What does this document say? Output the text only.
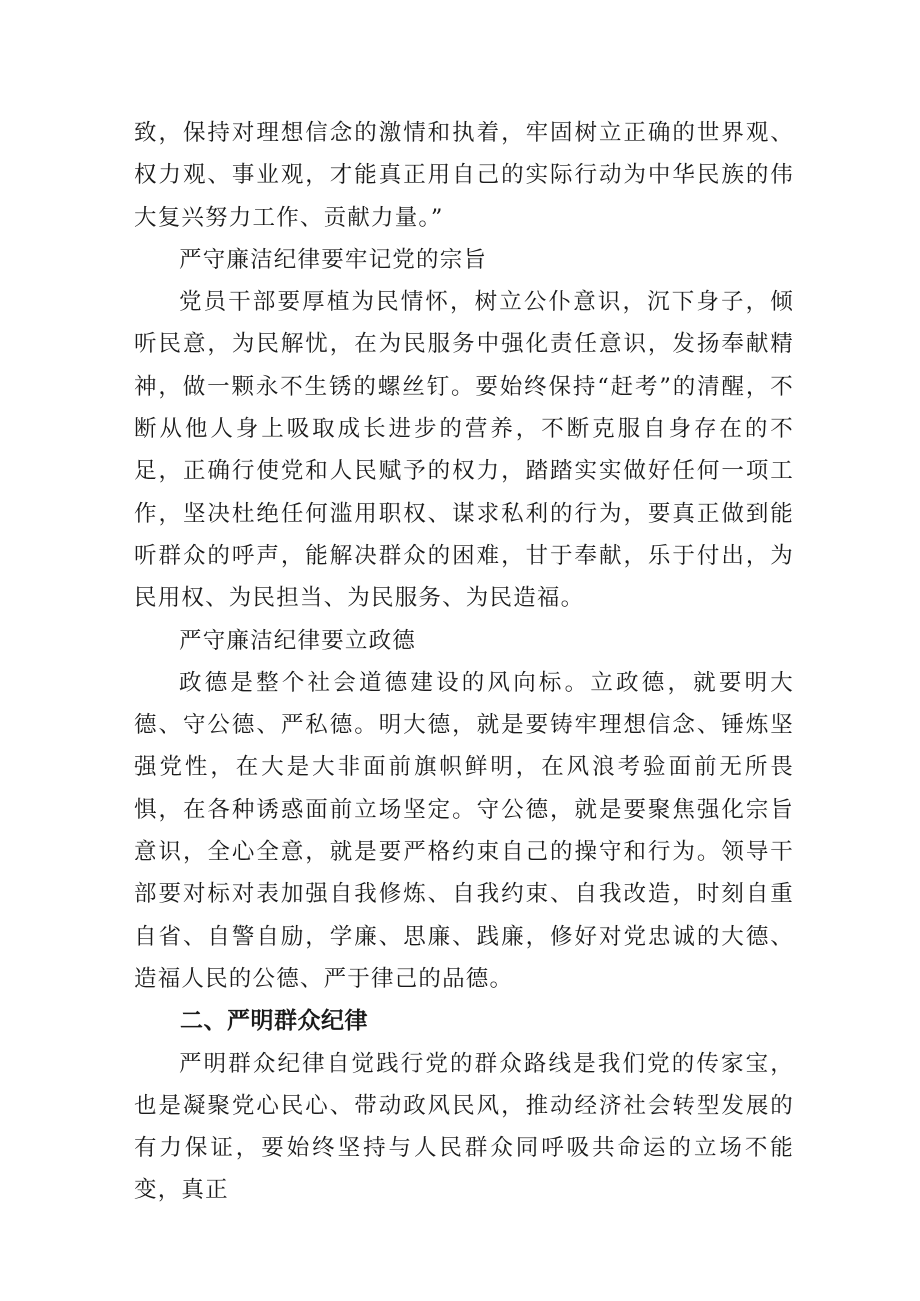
致，保持对理想信念的激情和执着，牢固树立正确的世界观、权力观、事业观，才能真正用自己的实际行动为中华民族的伟大复兴努力工作、贡献力量。”

严守廉洁纪律要牢记党的宗旨

党员干部要厚植为民情怀，树立公仆意识，沉下身子，倾听民意，为民解忧，在为民服务中强化责任意识，发扬奉献精神，做一颗永不生锈的螺丝钉。要始终保持“赶考”的清醒，不断从他人身上吸取成长进步的营养，不断克服自身存在的不足，正确行使党和人民赋予的权力，踏踏实实做好任何一项工作，坚决杜绝任何滥用职权、谋求私利的行为，要真正做到能听群众的呼声，能解决群众的困难，甘于奉献，乐于付出，为民用权、为民担当、为民服务、为民造福。

严守廉洁纪律要立政德

政德是整个社会道德建设的风向标。立政德，就要明大德、守公德、严私德。明大德，就是要铸牢理想信念、锤炼坚强党性，在大是大非面前旗帜鲜明，在风浪考验面前无所畏惧，在各种诱惑面前立场坚定。守公德，就是要聚焦强化宗旨意识，全心全意，就是要严格约束自己的操守和行为。领导干部要对标对表加强自我修炼、自我约束、自我改造，时刻自重自省、自警自励，学廉、思廉、践廉，修好对党忠诚的大德、造福人民的公德、严于律己的品德。

二、严明群众纪律

严明群众纪律自觉践行党的群众路线是我们党的传家宝，也是凝聚党心民心、带动政风民风，推动经济社会转型发展的有力保证，要始终坚持与人民群众同呼吸共命运的立场不能变，真正
